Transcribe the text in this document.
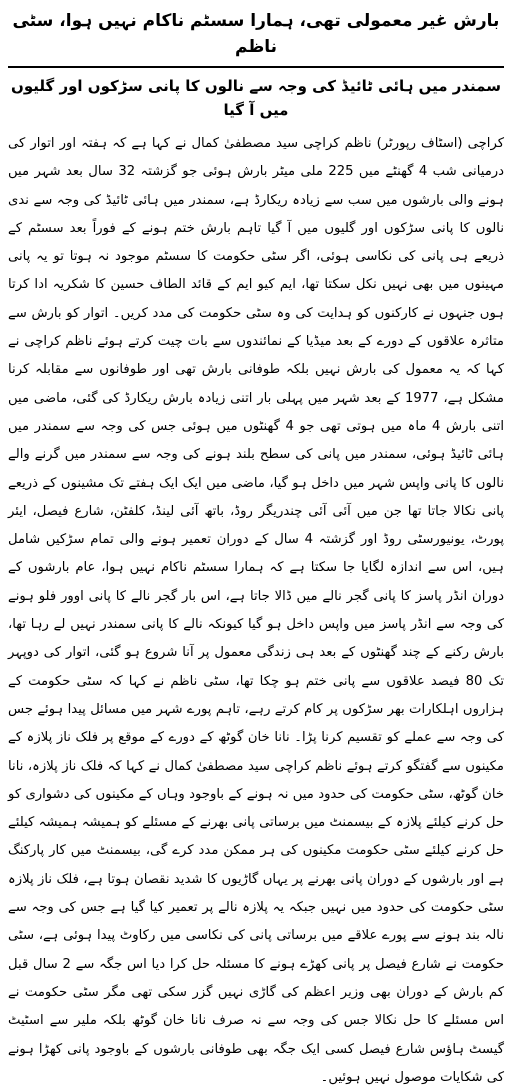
بارش غیر معمولی تھی، ہمارا سسٹم ناکام نہیں ہوا، سٹی ناظم
سمندر میں ہائی ٹائیڈ کی وجہ سے نالوں کا پانی سڑکوں اور گلیوں میں آ گیا

کراچی (اسٹاف رپورٹر) ناظم کراچی سید مصطفیٰ کمال نے کہا ہے کہ ہفتہ اور اتوار کی درمیانی شب 4 گھنٹے میں 225 ملی میٹر بارش ہوئی جو گزشتہ 32 سال بعد شہر میں ہونے والی بارشوں میں سب سے زیادہ ریکارڈ ہے، سمندر میں ہائی ٹائیڈ کی وجہ سے ندی نالوں کا پانی سڑکوں اور گلیوں میں آ گیا تاہم بارش ختم ہونے کے فوراً بعد سسٹم کے ذریعے ہی پانی کی نکاسی ہوئی، اگر سٹی حکومت کا سسٹم موجود نہ ہوتا تو یہ پانی مہینوں میں بھی نہیں نکل سکتا تھا، ایم کیو ایم کے قائد الطاف حسین کا شکریہ ادا کرتا ہوں جنہوں نے کارکنوں کو ہدایت کی وہ سٹی حکومت کی مدد کریں۔ اتوار کو بارش سے متاثرہ علاقوں کے دورے کے بعد میڈیا کے نمائندوں سے بات چیت کرتے ہوئے ناظم کراچی نے کہا کہ یہ معمول کی بارش نہیں بلکہ طوفانی بارش تھی اور طوفانوں سے مقابلہ کرنا مشکل ہے، 1977 کے بعد شہر میں پہلی بار اتنی زیادہ بارش ریکارڈ کی گئی، ماضی میں اتنی بارش 4 ماہ میں ہوتی تھی جو 4 گھنٹوں میں ہوئی جس کی وجہ سے سمندر میں ہائی ٹائیڈ ہوئی، سمندر میں پانی کی سطح بلند ہونے کی وجہ سے سمندر میں گرنے والے نالوں کا پانی واپس شہر میں داخل ہو گیا، ماضی میں ایک ایک ہفتے تک مشینوں کے ذریعے پانی نکالا جاتا تھا جن میں آئی آئی چندریگر روڈ، باتھ آئی لینڈ، کلفٹن، شارع فیصل، ایئر پورٹ، یونیورسٹی روڈ اور گزشتہ 4 سال کے دوران تعمیر ہونے والی تمام سڑکیں شامل ہیں، اس سے اندازہ لگایا جا سکتا ہے کہ ہمارا سسٹم ناکام نہیں ہوا، عام بارشوں کے دوران انڈر پاسز کا پانی گجر نالے میں ڈالا جاتا ہے، اس بار گجر نالے کا پانی اوور فلو ہونے کی وجہ سے انڈر پاسز میں واپس داخل ہو گیا کیونکہ نالے کا پانی سمندر نہیں لے رہا تھا، بارش رکنے کے چند گھنٹوں کے بعد ہی زندگی معمول پر آنا شروع ہو گئی، اتوار کی دوپہر تک 80 فیصد علاقوں سے پانی ختم ہو چکا تھا، سٹی ناظم نے کہا کہ سٹی حکومت کے ہزاروں اہلکارات بھر سڑکوں پر کام کرتے رہے، تاہم پورے شہر میں مسائل پیدا ہوئے جس کی وجہ سے عملے کو تقسیم کرنا پڑا۔ نانا خان گوٹھ کے دورے کے موقع پر فلک ناز پلازہ کے مکینوں سے گفتگو کرتے ہوئے ناظم کراچی سید مصطفیٰ کمال نے کہا کہ فلک ناز پلازہ، نانا خان گوٹھ، سٹی حکومت کی حدود میں نہ ہونے کے باوجود وہاں کے مکینوں کی دشواری کو حل کرنے کیلئے پلازہ کے بیسمنٹ میں برساتی پانی بھرنے کے مسئلے کو ہمیشہ ہمیشہ کیلئے حل کرنے کیلئے سٹی حکومت مکینوں کی ہر ممکن مدد کرے گی، بیسمنٹ میں کار پارکنگ ہے اور بارشوں کے دوران پانی بھرنے پر یہاں گاڑیوں کا شدید نقصان ہوتا ہے، فلک ناز پلازہ سٹی حکومت کی حدود میں نہیں جبکہ یہ پلازہ نالے پر تعمیر کیا گیا ہے جس کی وجہ سے نالہ بند ہونے سے پورے علاقے میں برساتی پانی کی نکاسی میں رکاوٹ پیدا ہوئی ہے، سٹی حکومت نے شارع فیصل پر پانی کھڑے ہونے کا مسئلہ حل کرا دیا اس جگہ سے 2 سال قبل کم بارش کے دوران بھی وزیر اعظم کی گاڑی نہیں گزر سکی تھی مگر سٹی حکومت نے اس مسئلے کا حل نکالا جس کی وجہ سے نہ صرف نانا خان گوٹھ بلکہ ملیر سے اسٹیٹ گیسٹ ہاؤس شارع فیصل کسی ایک جگہ بھی طوفانی بارشوں کے باوجود پانی کھڑا ہونے کی شکایات موصول نہیں ہوئیں۔
